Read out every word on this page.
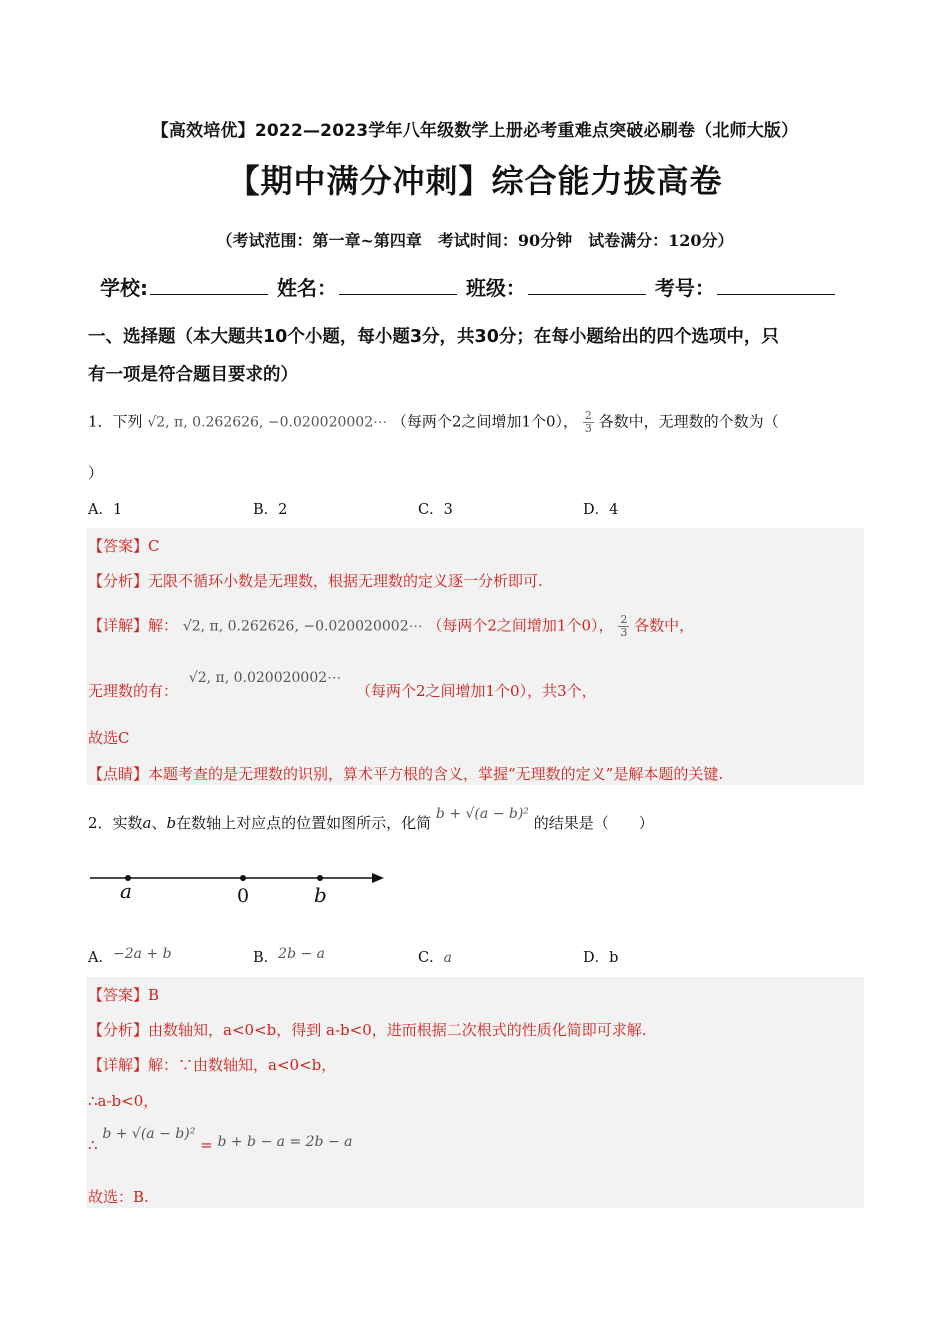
【高效培优】2022—2023学年八年级数学上册必考重难点突破必刷卷（北师大版）
【期中满分冲刺】综合能力拔高卷
（考试范围：第一章~第四章　考试时间：90分钟　试卷满分：120分）
学校:	姓名：	班级：	考号：
一、选择题（本大题共10个小题，每小题3分，共30分；在每小题给出的四个选项中，只
有一项是符合题目要求的）
1．下列 √2, π, 0.262626, −0.020020002⋯ （每两个2之间增加1个0）， $\frac{2}{3}$ 各数中，无理数的个数为（
）
A．1	B．2	C．3	D．4
【答案】C
【分析】无限不循环小数是无理数，根据无理数的定义逐一分析即可.
【详解】解： √2, π, 0.262626, −0.020020002⋯ （每两个2之间增加1个0）， $\frac{2}{3}$ 各数中，
无理数的有： √2, π, 0.020020002⋯ （每两个2之间增加1个0），共3个，
故选C
【点睛】本题考查的是无理数的识别，算术平方根的含义，掌握“无理数的定义”是解本题的关键.
2．实数a、b在数轴上对应点的位置如图所示，化简 b + √(a − b)² 的结果是（　　）
a	0	b
A．−2a + b	B．2b − a	C．a	D．b
【答案】B
【分析】由数轴知，a<0<b，得到 a-b<0，进而根据二次根式的性质化简即可求解.
【详解】解：∵由数轴知，a<0<b，
∴a-b<0，
∴ b + √(a − b)² = b + b − a = 2b − a
故选：B.
